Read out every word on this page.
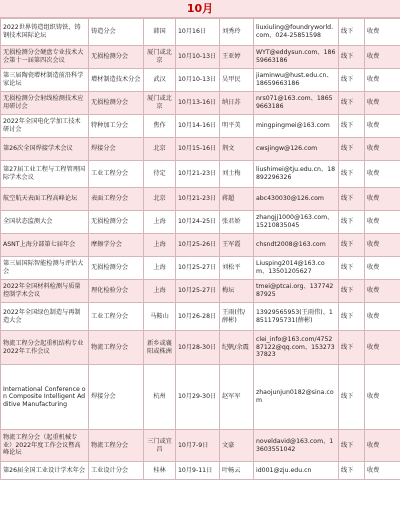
10月
2022世界铸造组织铸铁、铸钢技术国际论坛	铸造分会	韩国	10月16日	刘秀玲	liuxiuling@foundryworld.com、024-25851598	线下	收费
无损检测分会硬盘专业技术大会第十一届第四次会议	无损检测分会	厦门或北京	10月10-13日	王亚婷	WYT@eddysun.com、18659663186	线下	收费
第三届陶瓷增材制造前沿科学家论坛	增材制造技术分会	武汉	10月10-13日	吴甲民	jiaminwu@hust.edu.cn、18659663186	线下	收费
无损检测分会射线检测技术应用研讨会	无损检测分会	厦门或北京	10月13-16日	纳日苏	nrs071@163.com、18659663186	线下	收费
2022年全国电化学加工技术研讨会	特种加工分会	焦作	10月14-16日	明平美	mingpingmei@163.com	线下	收费
第26次全国焊接学术会议	焊接分会	北京	10月15-16日	荆文	cwsjingw@126.com	线下	收费
第27届工业工程与工程管理国际学术会议	工业工程分会	待定	10月21-23日	刘士梅	liushimei@tju.edu.cn、18892296326	线下	收费
航空航天表面工程高峰论坛	表面工程分会	北京	10月21-23日	蒋超	abc430030@126.com	线下	收费
全国状态监测大会	无损检测分会	上海	10月24-25日	张君娇	zhangjj1000@163.com、15210835045	线下	收费
ASNT上海分部第七届年会	摩擦学分会	上海	10月25-26日	王军霞	chsndt2008@163.com	线下	收费
第三届国际智能检测与评估大会	无损检测分会	上海	10月25-27日	刘松平	Liusping2014@163.com、13501205627	线下	收费
2022年全国材料检测与质量控制学术会议	理化检验分会	上海	10月25-27日	梅坛	tmei@ptcai.org、13774287925	线下	收费
2022年全国绿色制造与再制造大会	工业工程分会	马鞍山	10月26-28日	王雨(伟/薛彬)	13929565953(王雨伟)、18511795731(薛彬)	线下	收费
物流工程分会起重机结构专业2022年工作会议	物流工程分会	新乡或襄阳或株洲	10月28-30日	纪帆/余震	clei_info@163.com/475287122@qq.com、15327337823	线下	收费
International Conference on Composite Intelligent Additive Manufacturing	焊接分会	杭州	10月29-30日	赵军军	zhaojunjun0182@sina.com	线下	收费
物流工程分会（起重机械专业）2022年度工作会议暨高峰论坛	物流工程分会	三门或宜昌	10月7-9日	文豪	noveldavid@163.com、13603551042	线下	收费
第26届全国工业设计学术年会	工业设计分会	桂林	10月9-11日	叶畅云	id001@zju.edu.cn	线下	收费
